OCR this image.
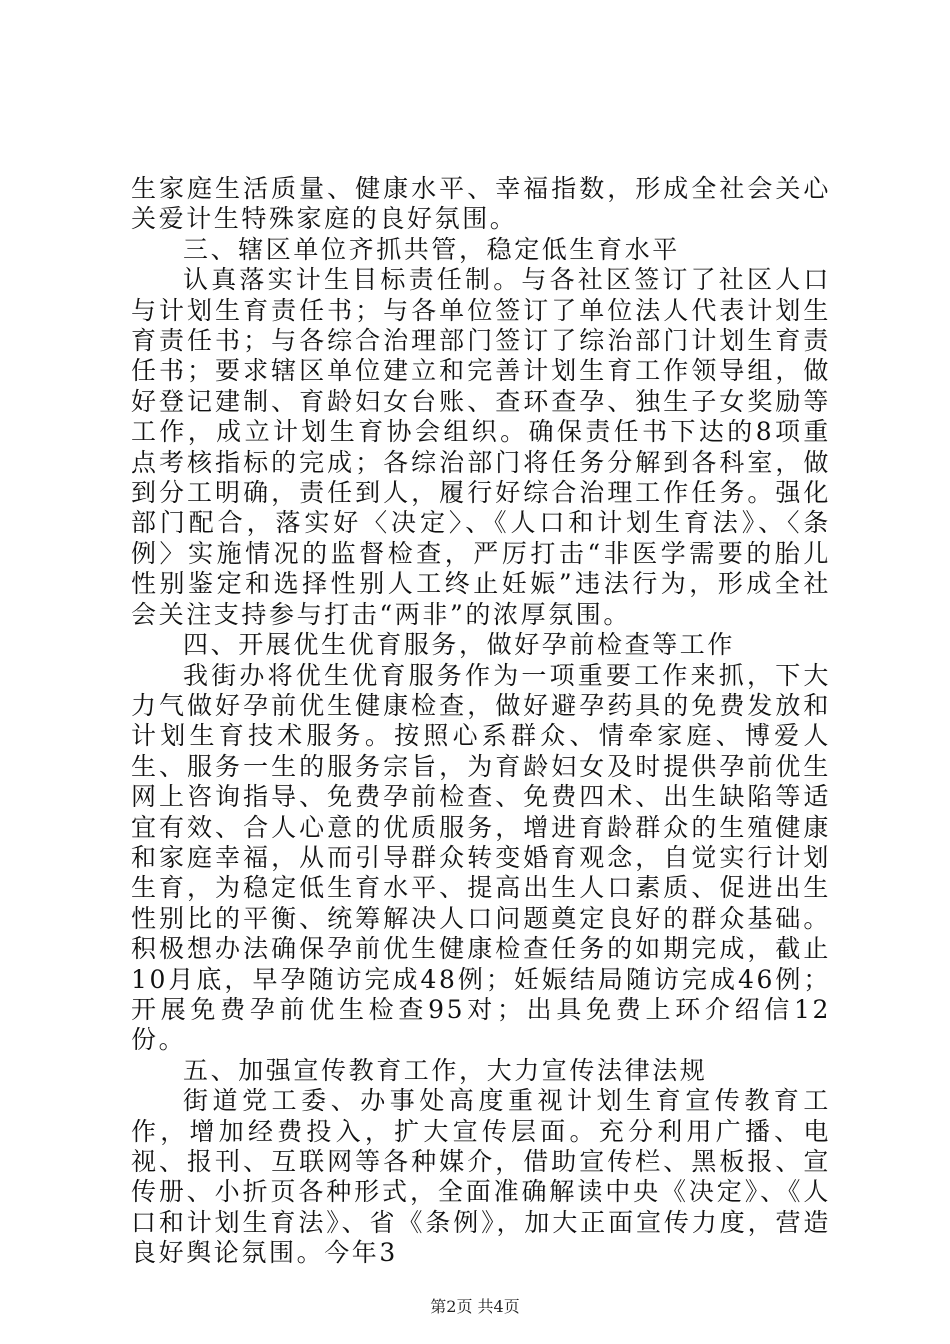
生家庭生活质量、健康水平、幸福指数，形成全社会关心关爱计生特殊家庭的良好氛围。

三、辖区单位齐抓共管，稳定低生育水平

认真落实计生目标责任制。与各社区签订了社区人口与计划生育责任书；与各单位签订了单位法人代表计划生育责任书；与各综合治理部门签订了综治部门计划生育责任书；要求辖区单位建立和完善计划生育工作领导组，做好登记建制、育龄妇女台账、查环查孕、独生子女奖励等工作，成立计划生育协会组织。确保责任书下达的8项重点考核指标的完成；各综治部门将任务分解到各科室，做到分工明确，责任到人，履行好综合治理工作任务。强化部门配合，落实好〈决定〉、《人口和计划生育法》、〈条例〉实施情况的监督检查，严厉打击“非医学需要的胎儿性别鉴定和选择性别人工终止妊娠”违法行为，形成全社会关注支持参与打击“两非”的浓厚氛围。

四、开展优生优育服务，做好孕前检查等工作

我街办将优生优育服务作为一项重要工作来抓，下大力气做好孕前优生健康检查，做好避孕药具的免费发放和计划生育技术服务。按照心系群众、情牵家庭、博爱人生、服务一生的服务宗旨，为育龄妇女及时提供孕前优生网上咨询指导、免费孕前检查、免费四术、出生缺陷等适宜有效、合人心意的优质服务，增进育龄群众的生殖健康和家庭幸福，从而引导群众转变婚育观念，自觉实行计划生育，为稳定低生育水平、提高出生人口素质、促进出生性别比的平衡、统筹解决人口问题奠定良好的群众基础。积极想办法确保孕前优生健康检查任务的如期完成，截止10月底，早孕随访完成48例；妊娠结局随访完成46例；开展免费孕前优生检查95对；出具免费上环介绍信12份。

五、加强宣传教育工作，大力宣传法律法规

街道党工委、办事处高度重视计划生育宣传教育工作，增加经费投入，扩大宣传层面。充分利用广播、电视、报刊、互联网等各种媒介，借助宣传栏、黑板报、宣传册、小折页各种形式，全面准确解读中央《决定》、《人口和计划生育法》、省《条例》，加大正面宣传力度，营造良好舆论氛围。今年3

第2页 共4页
